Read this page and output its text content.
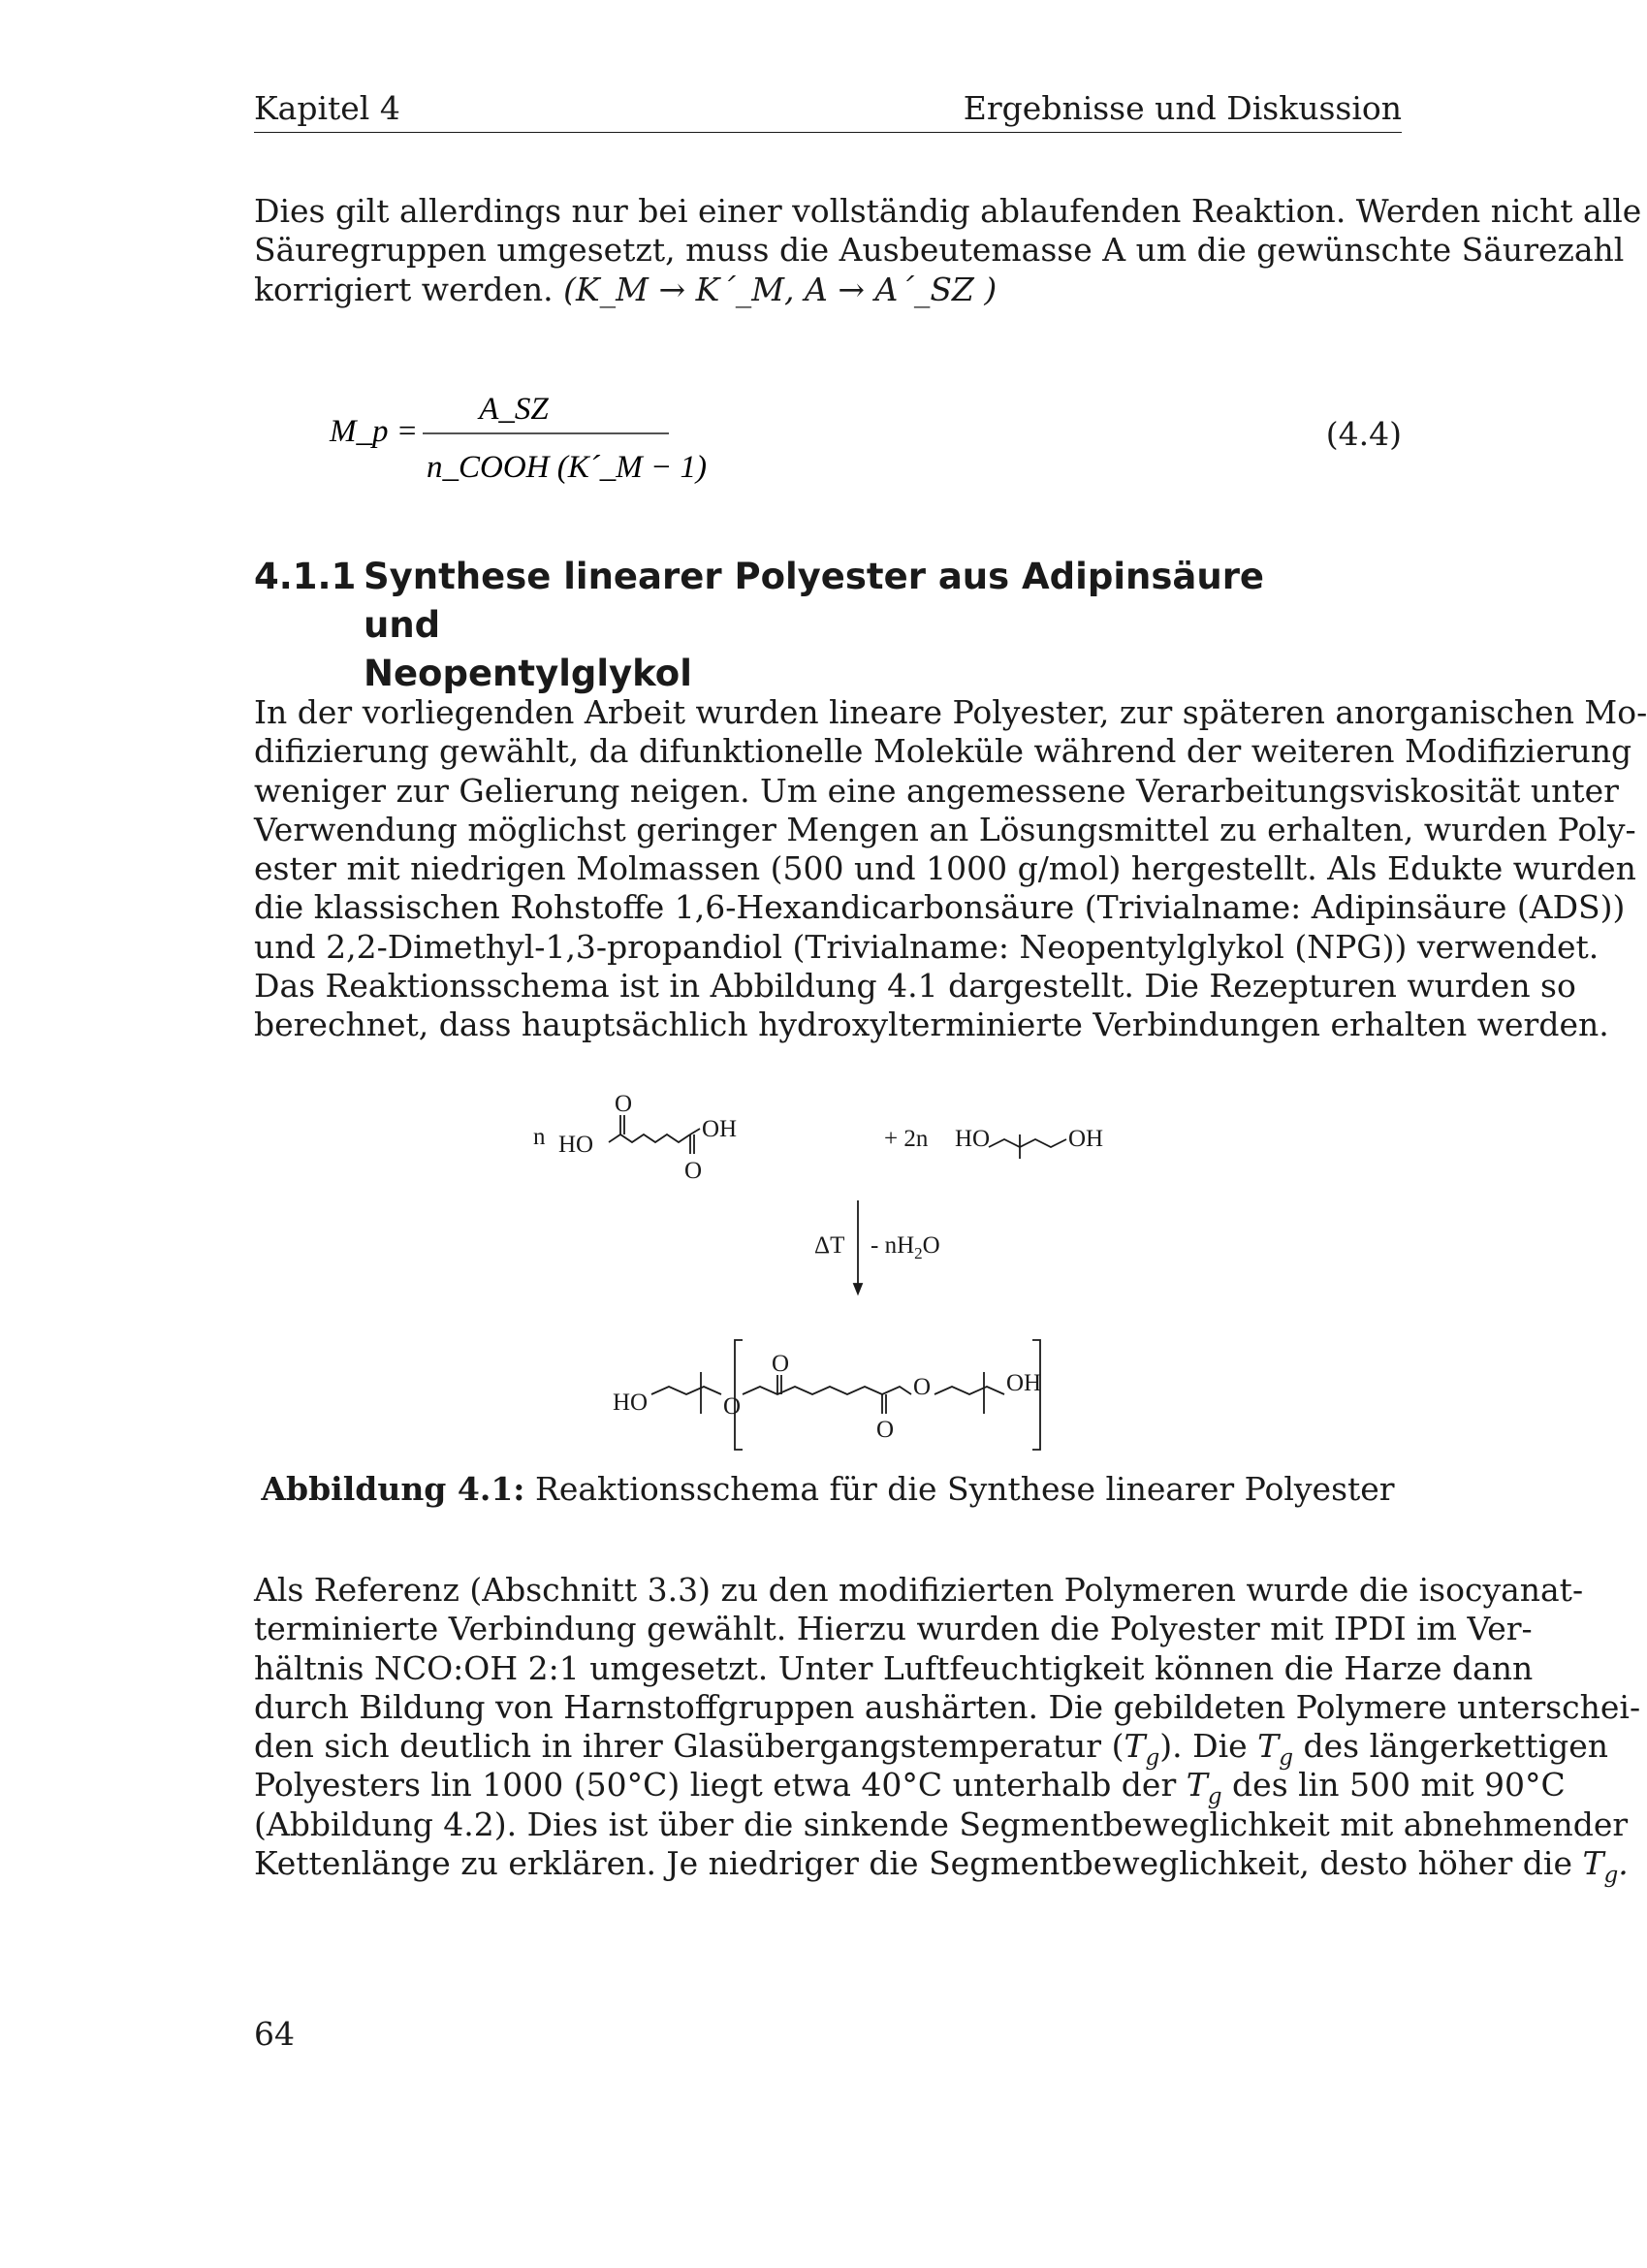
Kapitel 4	Ergebnisse und Diskussion
Dies gilt allerdings nur bei einer vollständig ablaufenden Reaktion. Werden nicht alle
Säuregruppen umgesetzt, muss die Ausbeutemasse A um die gewünschte Säurezahl
korrigiert werden. (K_M → K´_M, A → A´_SZ )
M_p =
A_SZ
n_COOH (K´_M − 1)
(4.4)
4.1.1 Synthese linearer Polyester aus Adipinsäure und
Neopentylglykol
In der vorliegenden Arbeit wurden lineare Polyester, zur späteren anorganischen Mo-
difizierung gewählt, da difunktionelle Moleküle während der weiteren Modifizierung
weniger zur Gelierung neigen. Um eine angemessene Verarbeitungsviskosität unter
Verwendung möglichst geringer Mengen an Lösungsmittel zu erhalten, wurden Poly-
ester mit niedrigen Molmassen (500 und 1000 g/mol) hergestellt. Als Edukte wurden
die klassischen Rohstoffe 1,6-Hexandicarbonsäure (Trivialname: Adipinsäure (ADS))
und 2,2-Dimethyl-1,3-propandiol (Trivialname: Neopentylglykol (NPG)) verwendet.
Das Reaktionsschema ist in Abbildung 4.1 dargestellt. Die Rezepturen wurden so
berechnet, dass hauptsächlich hydroxylterminierte Verbindungen erhalten werden.
n HO
O
OH
O
+ 2n HO	OH
ΔT - $nH_2O$
HO	O
O
O
O	OH
Abbildung 4.1: Reaktionsschema für die Synthese linearer Polyester
Als Referenz (Abschnitt 3.3) zu den modifizierten Polymeren wurde die isocyanat-
terminierte Verbindung gewählt. Hierzu wurden die Polyester mit IPDI im Ver-
hältnis NCO:OH 2:1 umgesetzt. Unter Luftfeuchtigkeit können die Harze dann
durch Bildung von Harnstoffgruppen aushärten. Die gebildeten Polymere unterschei-
den sich deutlich in ihrer Glasübergangstemperatur $(T_g)$. Die $T_g$ des längerkettigen
Polyesters lin 1000 (50°C) liegt etwa 40°C unterhalb der $T_g$ des lin 500 mit 90°C
(Abbildung 4.2). Dies ist über die sinkende Segmentbeweglichkeit mit abnehmender
Kettenlänge zu erklären. Je niedriger die Segmentbeweglichkeit, desto höher die $T_g$.
64
